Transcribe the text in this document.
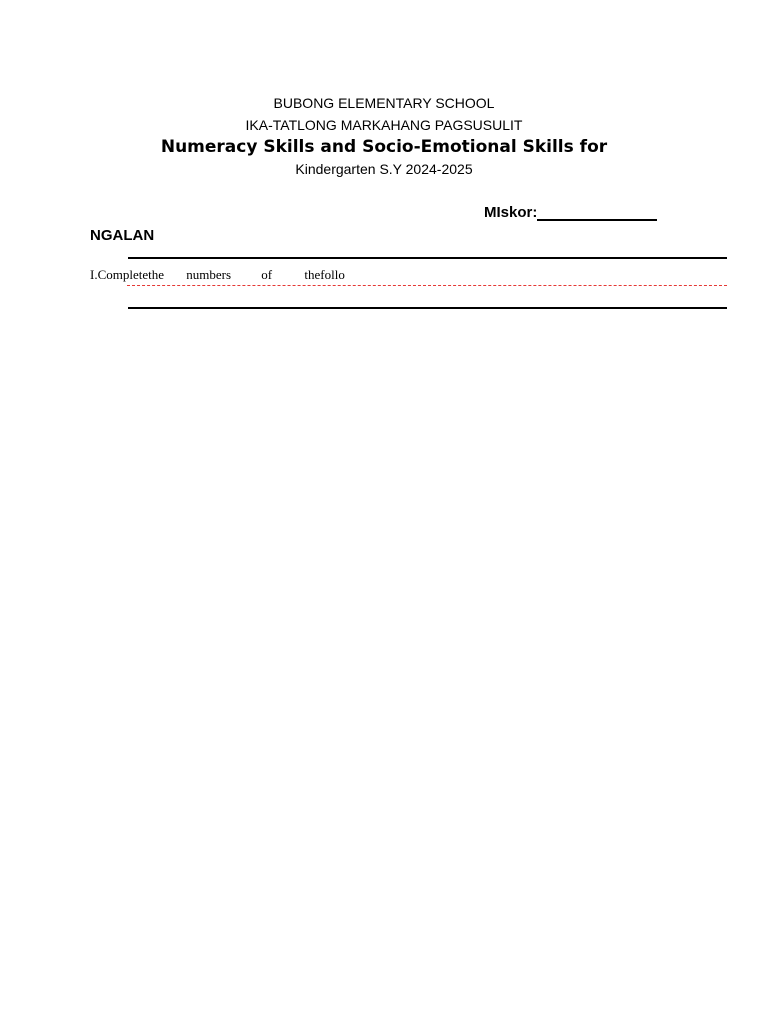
BUBONG ELEMENTARY SCHOOL
IKA-TATLONG MARKAHANG PAGSUSULIT
Numeracy Skills and Socio-Emotional Skills for
Kindergarten S.Y 2024-2025
MIskor:
NGALAN
I.Completethe numbers of thefollo
